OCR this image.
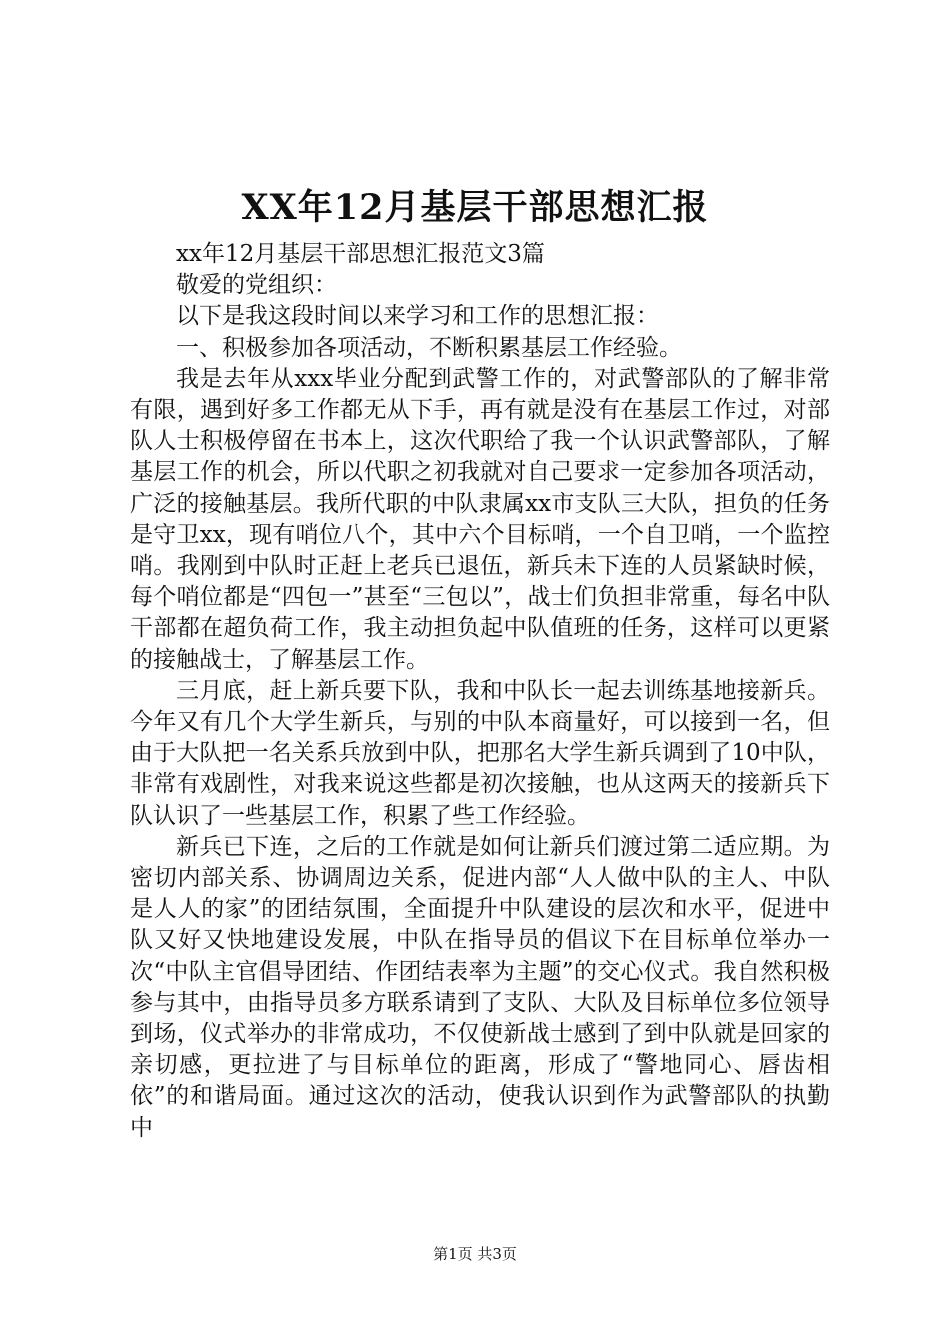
XX年12月基层干部思想汇报

xx年12月基层干部思想汇报范文3篇

敬爱的党组织：

以下是我这段时间以来学习和工作的思想汇报：

一、积极参加各项活动，不断积累基层工作经验。

我是去年从xxx毕业分配到武警工作的，对武警部队的了解非常有限，遇到好多工作都无从下手，再有就是没有在基层工作过，对部队人士积极停留在书本上，这次代职给了我一个认识武警部队，了解基层工作的机会，所以代职之初我就对自己要求一定参加各项活动，广泛的接触基层。我所代职的中队隶属xx市支队三大队，担负的任务是守卫xx，现有哨位八个，其中六个目标哨，一个自卫哨，一个监控哨。我刚到中队时正赶上老兵已退伍，新兵未下连的人员紧缺时候，每个哨位都是“四包一”甚至“三包以”，战士们负担非常重，每名中队干部都在超负荷工作，我主动担负起中队值班的任务，这样可以更紧的接触战士，了解基层工作。

三月底，赶上新兵要下队，我和中队长一起去训练基地接新兵。今年又有几个大学生新兵，与别的中队本商量好，可以接到一名，但由于大队把一名关系兵放到中队，把那名大学生新兵调到了10中队，非常有戏剧性，对我来说这些都是初次接触，也从这两天的接新兵下队认识了一些基层工作，积累了些工作经验。

新兵已下连，之后的工作就是如何让新兵们渡过第二适应期。为密切内部关系、协调周边关系，促进内部“人人做中队的主人、中队是人人的家”的团结氛围，全面提升中队建设的层次和水平，促进中队又好又快地建设发展，中队在指导员的倡议下在目标单位举办一次“中队主官倡导团结、作团结表率为主题”的交心仪式。我自然积极参与其中，由指导员多方联系请到了支队、大队及目标单位多位领导到场，仪式举办的非常成功，不仅使新战士感到了到中队就是回家的亲切感，更拉进了与目标单位的距离，形成了“警地同心、唇齿相依”的和谐局面。通过这次的活动，使我认识到作为武警部队的执勤中

第1页 共3页
